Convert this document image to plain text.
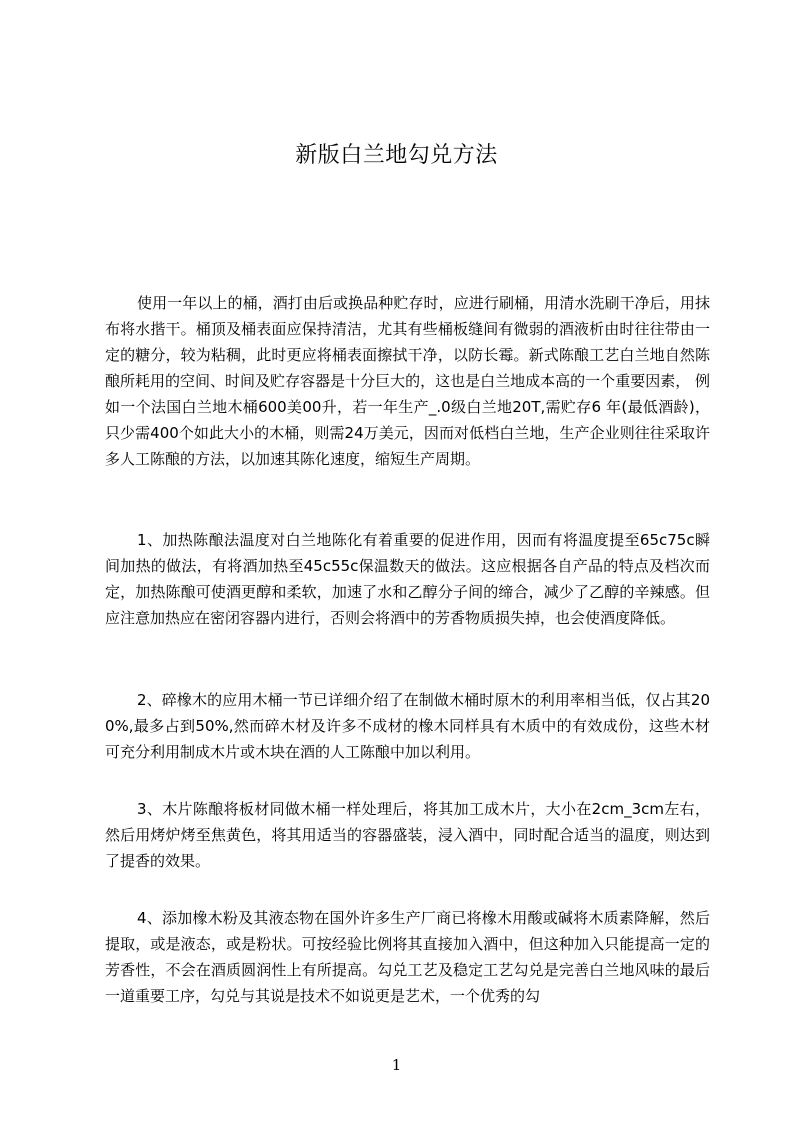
新版白兰地勾兑方法

使用一年以上的桶，酒打由后或换品种贮存时，应进行刷桶，用清水洗刷干净后，用抹布将水揩干。桶顶及桶表面应保持清洁，尤其有些桶板缝间有微弱的酒液析由时往往带由一定的糖分，较为粘稠，此时更应将桶表面擦拭干净，以防长霉。新式陈酿工艺白兰地自然陈酿所耗用的空间、时间及贮存容器是十分巨大的，这也是白兰地成本高的一个重要因素， 例如一个法国白兰地木桶600美00升，若一年生产_.0级白兰地20T,需贮存6 年(最低酒龄)，只少需400个如此大小的木桶，则需24万美元，因而对低档白兰地，生产企业则往往采取许多人工陈酿的方法，以加速其陈化速度，缩短生产周期。

1、加热陈酿法温度对白兰地陈化有着重要的促进作用，因而有将温度提至65c75c瞬间加热的做法，有将酒加热至45c55c保温数天的做法。这应根据各自产品的特点及档次而定，加热陈酿可使酒更醇和柔软，加速了水和乙醇分子间的缔合，减少了乙醇的辛辣感。但应注意加热应在密闭容器内进行，否则会将酒中的芳香物质损失掉，也会使酒度降低。

2、碎橡木的应用木桶一节已详细介绍了在制做木桶时原木的利用率相当低，仅占其200%,最多占到50%,然而碎木材及许多不成材的橡木同样具有木质中的有效成份，这些木材可充分利用制成木片或木块在酒的人工陈酿中加以利用。

3、木片陈酿将板材同做木桶一样处理后，将其加工成木片，大小在2cm_3cm左右，然后用烤炉烤至焦黄色，将其用适当的容器盛装，浸入酒中，同时配合适当的温度，则达到了提香的效果。

4、添加橡木粉及其液态物在国外许多生产厂商已将橡木用酸或碱将木质素降解，然后提取，或是液态，或是粉状。可按经验比例将其直接加入酒中，但这种加入只能提高一定的芳香性，不会在酒质圆润性上有所提高。勾兑工艺及稳定工艺勾兑是完善白兰地风味的最后一道重要工序，勾兑与其说是技术不如说更是艺术，一个优秀的勾

1
